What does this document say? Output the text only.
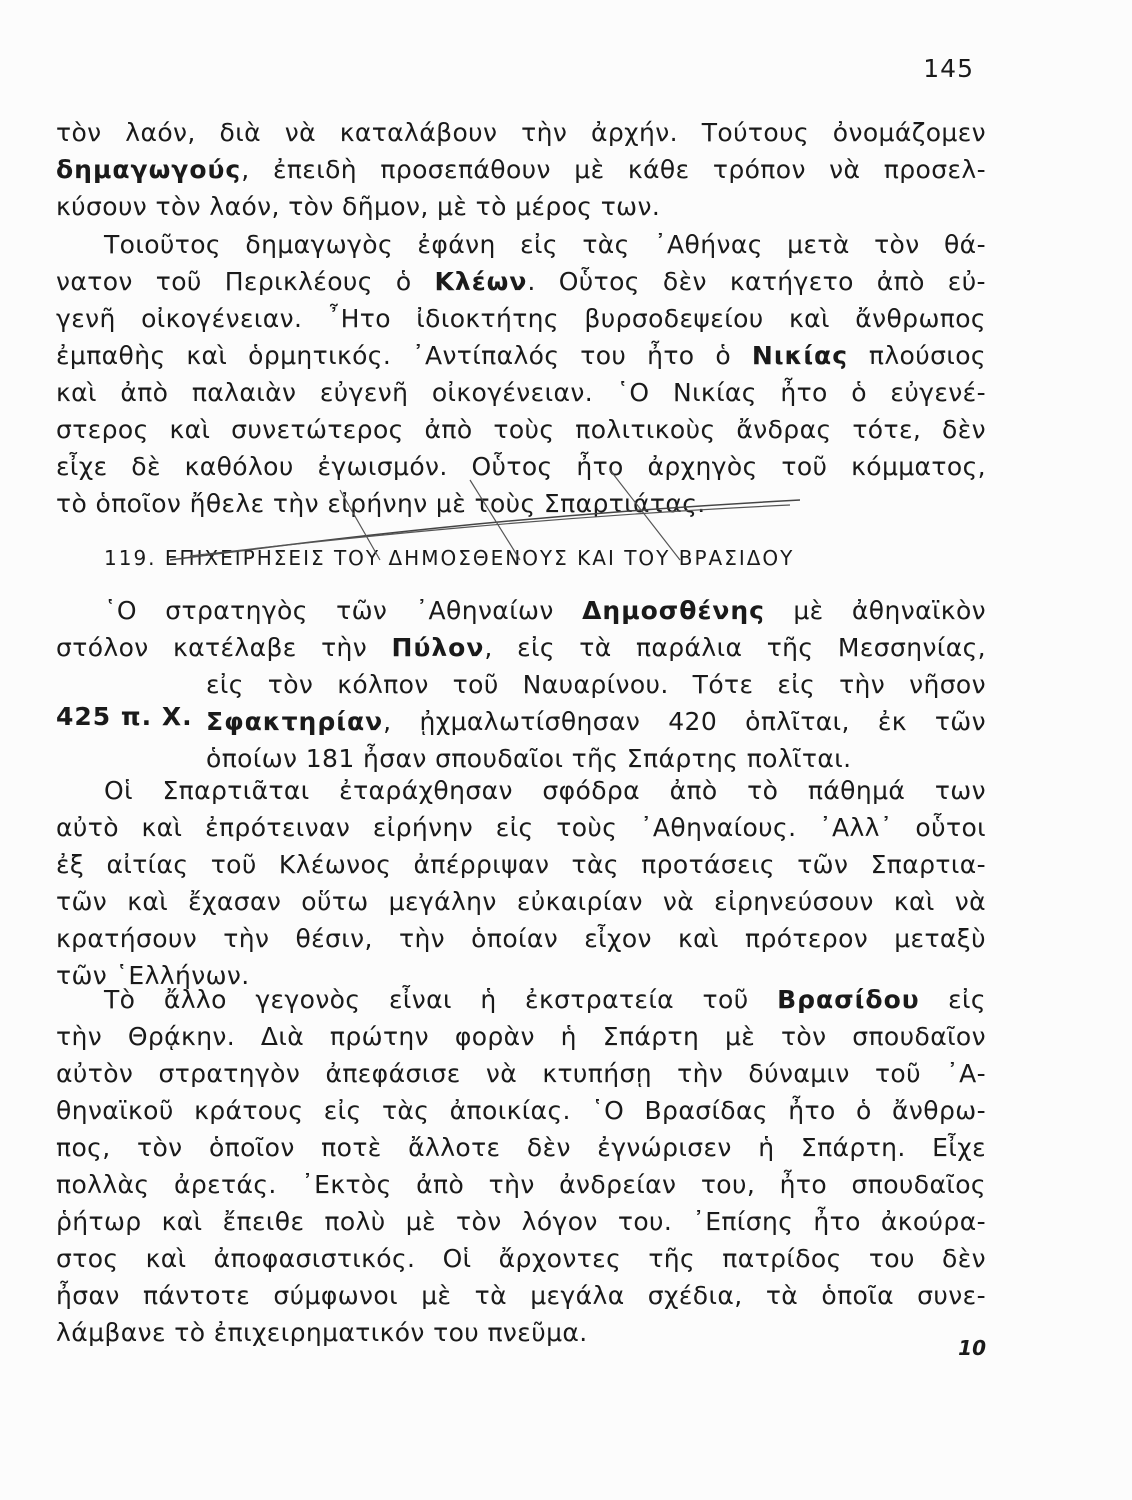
145
τὸν λαόν, διὰ νὰ καταλάβουν τὴν ἀρχήν. Τούτους ὀνομάζομεν
δημαγωγούς, ἐπειδὴ προσεπάθουν μὲ κάθε τρόπον νὰ προσελ-
κύσουν τὸν λαόν, τὸν δῆμον, μὲ τὸ μέρος των.
Τοιοῦτος δημαγωγὸς ἐφάνη εἰς τὰς ᾿Αθήνας μετὰ τὸν θά-
νατον τοῦ Περικλέους ὁ Κλέων. Οὗτος δὲν κατήγετο ἀπὸ εὐ-
γενῆ οἰκογένειαν. ῏Ητο ἰδιοκτήτης βυρσοδεψείου καὶ ἄνθρωπος
ἐμπαθὴς καὶ ὁρμητικός. ᾿Αντίπαλός του ἦτο ὁ Νικίας πλούσιος
καὶ ἀπὸ παλαιὰν εὐγενῆ οἰκογένειαν. ῾Ο Νικίας ἦτο ὁ εὐγενέ-
στερος καὶ συνετώτερος ἀπὸ τοὺς πολιτικοὺς ἄνδρας τότε, δὲν
εἶχε δὲ καθόλου ἐγωισμόν. Οὗτος ἦτο ἀρχηγὸς τοῦ κόμματος,
τὸ ὁποῖον ἤθελε τὴν εἰρήνην μὲ τοὺς Σπαρτιάτας.
119. ΕΠΙΧΕΙΡΗΣΕΙΣ ΤΟΥ ΔΗΜΟΣΘΕΝΟΥΣ ΚΑΙ ΤΟΥ ΒΡΑΣΙΔΟΥ
425 π. Χ.
῾Ο στρατηγὸς τῶν ᾿Αθηναίων Δημοσθένης μὲ ἀθηναϊκὸν
στόλον κατέλαβε τὴν Πύλον, εἰς τὰ παράλια τῆς Μεσσηνίας,
εἰς τὸν κόλπον τοῦ Ναυαρίνου. Τότε εἰς τὴν νῆσον
Σφακτηρίαν, ᾐχμαλωτίσθησαν 420 ὁπλῖται, ἐκ τῶν
ὁποίων 181 ἦσαν σπουδαῖοι τῆς Σπάρτης πολῖται.
Οἱ Σπαρτιᾶται ἐταράχθησαν σφόδρα ἀπὸ τὸ πάθημά των
αὐτὸ καὶ ἐπρότειναν εἰρήνην εἰς τοὺς ᾿Αθηναίους. ᾿Αλλ᾿ οὗτοι
ἐξ αἰτίας τοῦ Κλέωνος ἀπέρριψαν τὰς προτάσεις τῶν Σπαρτια-
τῶν καὶ ἔχασαν οὕτω μεγάλην εὐκαιρίαν νὰ εἰρηνεύσουν καὶ νὰ
κρατήσουν τὴν θέσιν, τὴν ὁποίαν εἶχον καὶ πρότερον μεταξὺ
τῶν ῾Ελλήνων.
Τὸ ἄλλο γεγονὸς εἶναι ἡ ἐκστρατεία τοῦ Βρασίδου εἰς
τὴν Θρᾴκην. Διὰ πρώτην φορὰν ἡ Σπάρτη μὲ τὸν σπουδαῖον
αὐτὸν στρατηγὸν ἀπεφάσισε νὰ κτυπήσῃ τὴν δύναμιν τοῦ ᾿Α-
θηναϊκοῦ κράτους εἰς τὰς ἀποικίας. ῾Ο Βρασίδας ἦτο ὁ ἄνθρω-
πος, τὸν ὁποῖον ποτὲ ἄλλοτε δὲν ἐγνώρισεν ἡ Σπάρτη. Εἶχε
πολλὰς ἀρετάς. ᾿Εκτὸς ἀπὸ τὴν ἀνδρείαν του, ἦτο σπουδαῖος
ῥήτωρ καὶ ἔπειθε πολὺ μὲ τὸν λόγον του. ᾿Επίσης ἦτο ἀκούρα-
στος καὶ ἀποφασιστικός. Οἱ ἄρχοντες τῆς πατρίδος του δὲν
ἦσαν πάντοτε σύμφωνοι μὲ τὰ μεγάλα σχέδια, τὰ ὁποῖα συνε-
λάμβανε τὸ ἐπιχειρηματικόν του πνεῦμα.
10
